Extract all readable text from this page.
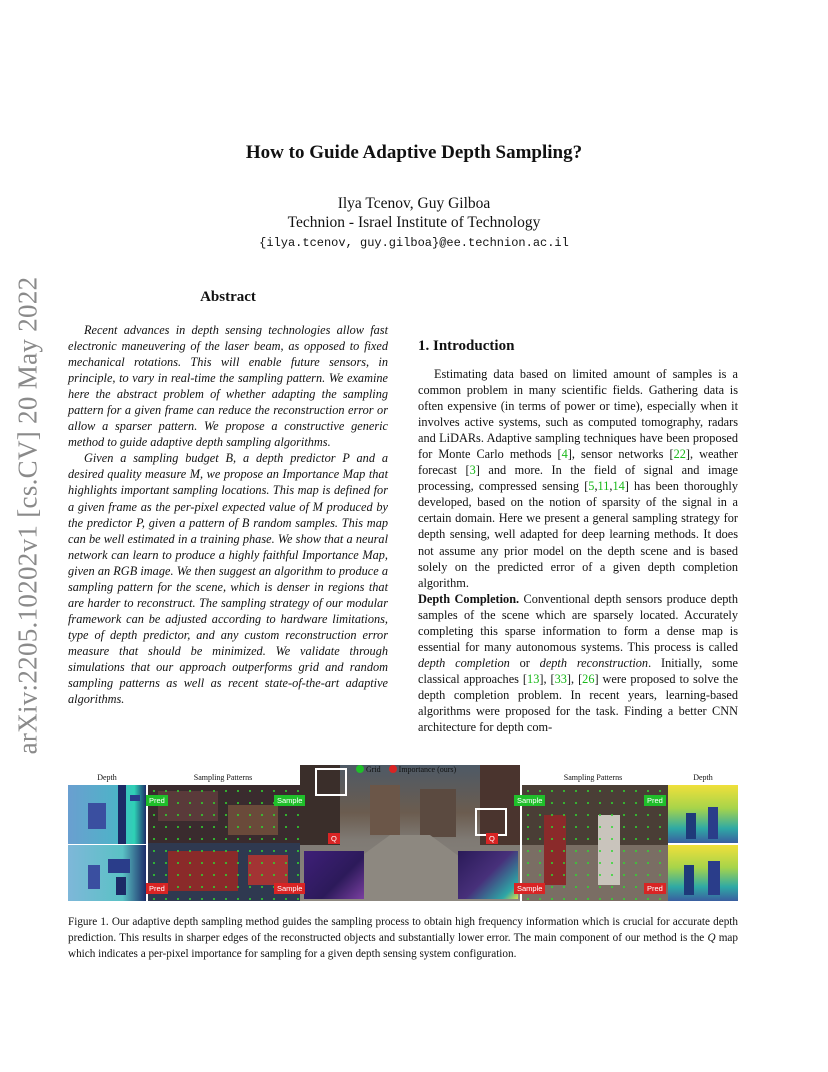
arXiv:2205.10202v1 [cs.CV] 20 May 2022
How to Guide Adaptive Depth Sampling?
Ilya Tcenov, Guy Gilboa
Technion - Israel Institute of Technology
{ilya.tcenov, guy.gilboa}@ee.technion.ac.il
Abstract

Recent advances in depth sensing technologies allow fast electronic maneuvering of the laser beam, as opposed to fixed mechanical rotations. This will enable future sensors, in principle, to vary in real-time the sampling pattern. We examine here the abstract problem of whether adapting the sampling pattern for a given frame can reduce the reconstruction error or allow a sparser pattern. We propose a constructive generic method to guide adaptive depth sampling algorithms.

Given a sampling budget B, a depth predictor P and a desired quality measure M, we propose an Importance Map that highlights important sampling locations. This map is defined for a given frame as the per-pixel expected value of M produced by the predictor P, given a pattern of B random samples. This map can be well estimated in a training phase. We show that a neural network can learn to produce a highly faithful Importance Map, given an RGB image. We then suggest an algorithm to produce a sampling pattern for the scene, which is denser in regions that are harder to reconstruct. The sampling strategy of our modular framework can be adjusted according to hardware limitations, type of depth predictor, and any custom reconstruction error measure that should be minimized. We validate through simulations that our approach outperforms grid and random sampling patterns as well as recent state-of-the-art adaptive algorithms.

1. Introduction

Estimating data based on limited amount of samples is a common problem in many scientific fields. Gathering data is often expensive (in terms of power or time), especially when it involves active systems, such as computed tomography, radars and LiDARs. Adaptive sampling techniques have been proposed for Monte Carlo methods [4], sensor networks [22], weather forecast [3] and more. In the field of signal and image processing, compressed sensing [5,11,14] has been thoroughly developed, based on the notion of sparsity of the signal in a certain domain. Here we present a general sampling strategy for depth sensing, well adapted for deep learning methods. It does not assume any prior model on the depth scene and is based solely on the predicted error of a given depth completion algorithm.

Depth Completion. Conventional depth sensors produce depth samples of the scene which are sparsely located. Accurately completing this sparse information to form a dense map is essential for many autonomous systems. This process is called depth completion or depth reconstruction. Initially, some classical approaches [13], [33], [26] were proposed to solve the depth completion problem. In recent years, learning-based algorithms were proposed for the task. Finding a better CNN architecture for depth com-

Depth	Sampling Patterns	Sampling Patterns	Depth
Pred	Sample
Pred	Sample
Q	Q
Sample	Pred
Sample	Pred
Grid Importance (ours)
Figure 1. Our adaptive depth sampling method guides the sampling process to obtain high frequency information which is crucial for accurate depth prediction. This results in sharper edges of the reconstructed objects and substantially lower error. The main component of our method is the Q map which indicates a per-pixel importance for sampling for a given depth sensing system configuration.
